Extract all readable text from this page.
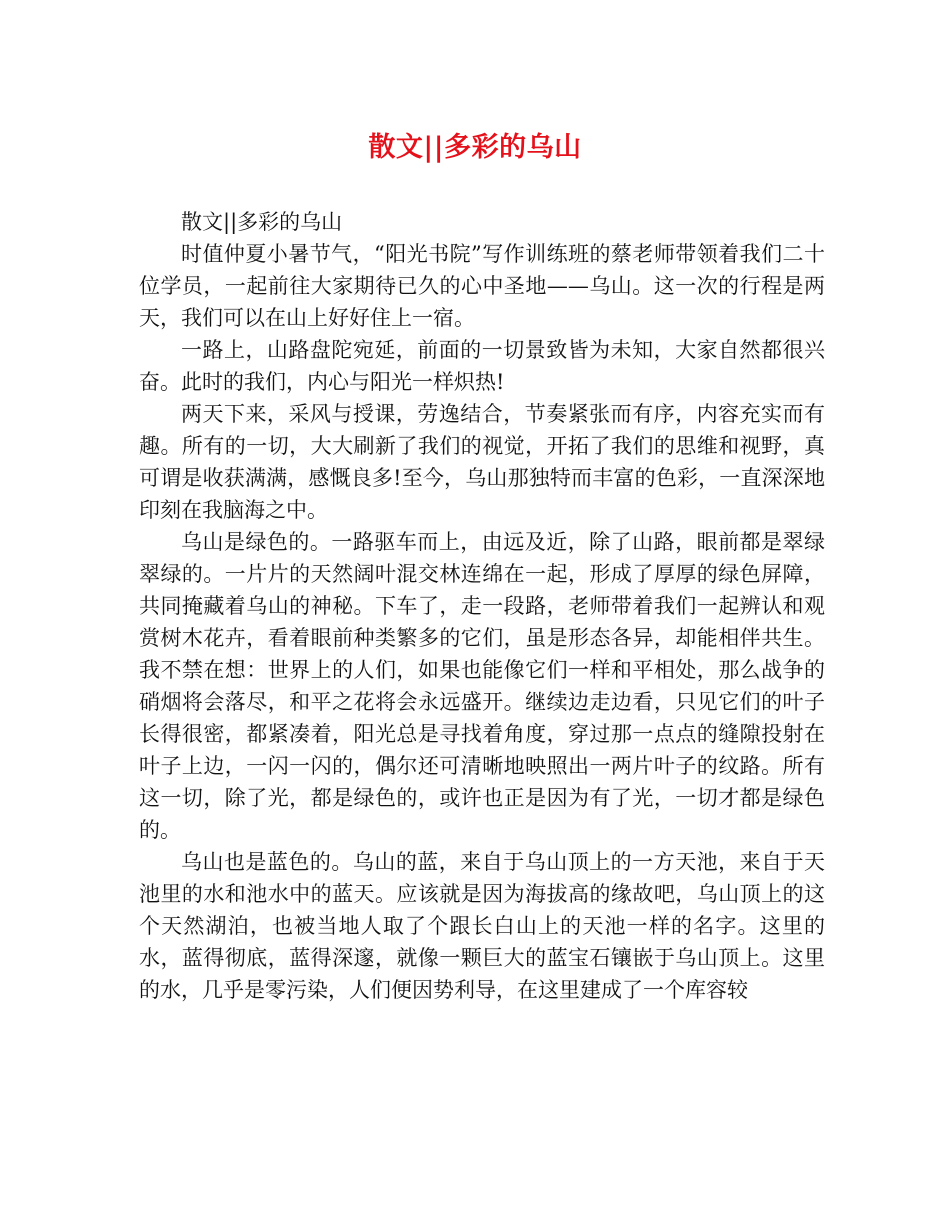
散文||多彩的乌山

散文||多彩的乌山

时值仲夏小暑节气，“阳光书院”写作训练班的蔡老师带领着我们二十位学员，一起前往大家期待已久的心中圣地——乌山。这一次的行程是两天，我们可以在山上好好住上一宿。

一路上，山路盘陀宛延，前面的一切景致皆为未知，大家自然都很兴奋。此时的我们，内心与阳光一样炽热!

两天下来，采风与授课，劳逸结合，节奏紧张而有序，内容充实而有趣。所有的一切，大大刷新了我们的视觉，开拓了我们的思维和视野，真可谓是收获满满，感慨良多!至今，乌山那独特而丰富的色彩，一直深深地印刻在我脑海之中。

乌山是绿色的。一路驱车而上，由远及近，除了山路，眼前都是翠绿翠绿的。一片片的天然阔叶混交林连绵在一起，形成了厚厚的绿色屏障，共同掩藏着乌山的神秘。下车了，走一段路，老师带着我们一起辨认和观赏树木花卉，看着眼前种类繁多的它们，虽是形态各异，却能相伴共生。我不禁在想：世界上的人们，如果也能像它们一样和平相处，那么战争的硝烟将会落尽，和平之花将会永远盛开。继续边走边看，只见它们的叶子长得很密，都紧凑着，阳光总是寻找着角度，穿过那一点点的缝隙投射在叶子上边，一闪一闪的，偶尔还可清晰地映照出一两片叶子的纹路。所有这一切，除了光，都是绿色的，或许也正是因为有了光，一切才都是绿色的。

乌山也是蓝色的。乌山的蓝，来自于乌山顶上的一方天池，来自于天池里的水和池水中的蓝天。应该就是因为海拔高的缘故吧，乌山顶上的这个天然湖泊，也被当地人取了个跟长白山上的天池一样的名字。这里的水，蓝得彻底，蓝得深邃，就像一颗巨大的蓝宝石镶嵌于乌山顶上。这里的水，几乎是零污染，人们便因势利导，在这里建成了一个库容较
